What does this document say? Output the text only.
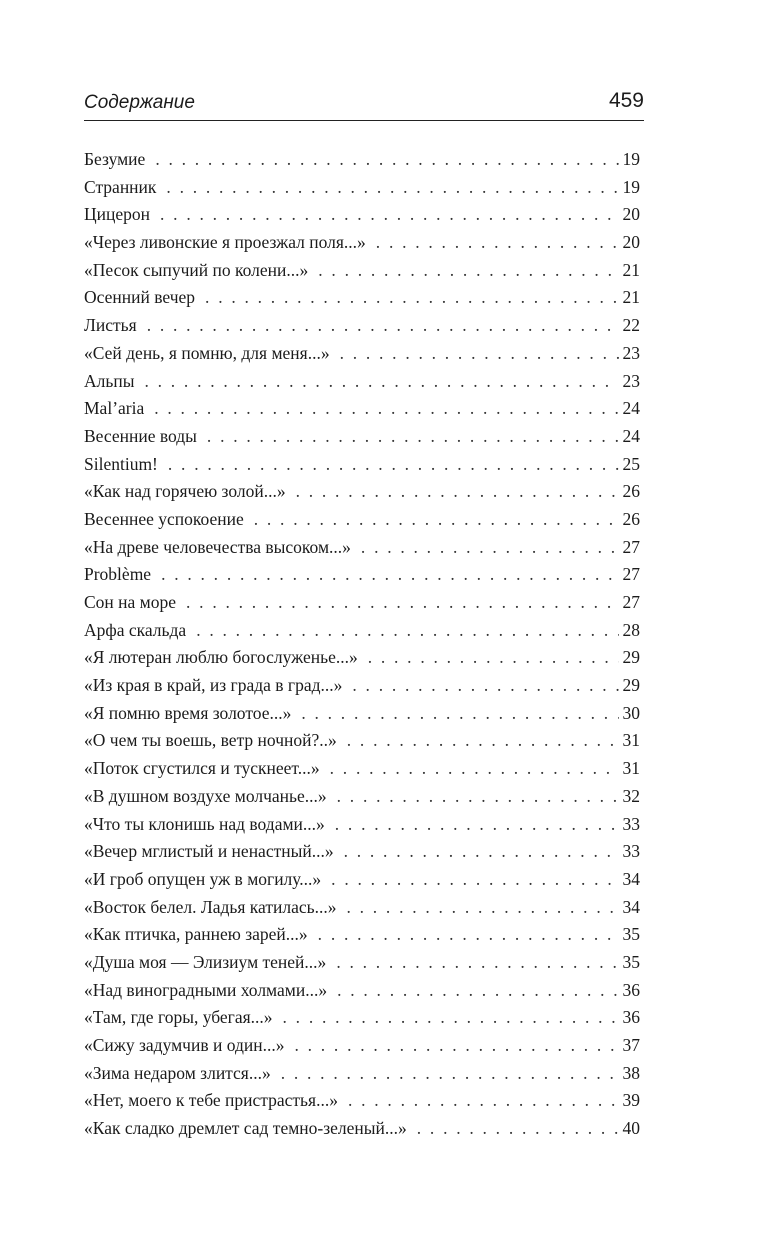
Содержание	459
Безумие . . .	19
Странник . . .	19
Цицерон . . .	20
«Через ливонские я проезжал поля...» . . .	20
«Песок сыпучий по колени...» . . .	21
Осенний вечер . . .	21
Листья . . .	22
«Сей день, я помню, для меня...» . . .	23
Альпы . . .	23
Mal’aria . . .	24
Весенние воды . . .	24
Silentium! . . .	25
«Как над горячею золой...» . . .	26
Весеннее успокоение . . .	26
«На древе человечества высоком...» . . .	27
Problème . . .	27
Сон на море . . .	27
Арфа скальда . . .	28
«Я лютеран люблю богослуженье...» . . .	29
«Из края в край, из града в град...» . . .	29
«Я помню время золотое...» . . .	30
«О чем ты воешь, ветр ночной?..» . . .	31
«Поток сгустился и тускнеет...» . . .	31
«В душном воздухе молчанье...» . . .	32
«Что ты клонишь над водами...» . . .	33
«Вечер мглистый и ненастный...» . . .	33
«И гроб опущен уж в могилу...» . . .	34
«Восток белел. Ладья катилась...» . . .	34
«Как птичка, раннею зарей...» . . .	35
«Душа моя — Элизиум теней...» . . .	35
«Над виноградными холмами...» . . .	36
«Там, где горы, убегая...» . . .	36
«Сижу задумчив и один...» . . .	37
«Зима недаром злится...» . . .	38
«Нет, моего к тебе пристрастья...» . . .	39
«Как сладко дремлет сад темно-зеленый...» . . .	40
